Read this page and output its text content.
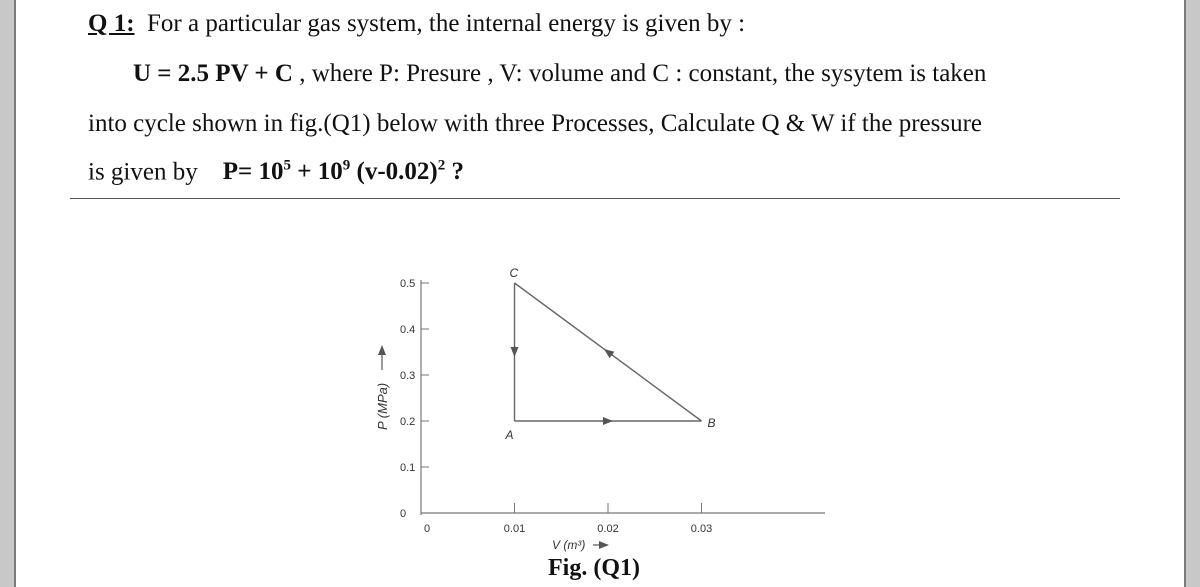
Q 1: For a particular gas system, the internal energy is given by :
U = 2.5 PV + C , where P: Presure , V: volume and C : constant, the sysytem is taken
into cycle shown in fig.(Q1) below with three Processes, Calculate Q & W if the pressure
is given by $P= 10^5 + 10^9$ $(v-0.02)^2$ ?
P (MPa)
V (m³)
0
0.1
0.2
0.3
0.4
0.5
0	0.01	0.02	0.03
A
B
C
Fig. (Q1)
